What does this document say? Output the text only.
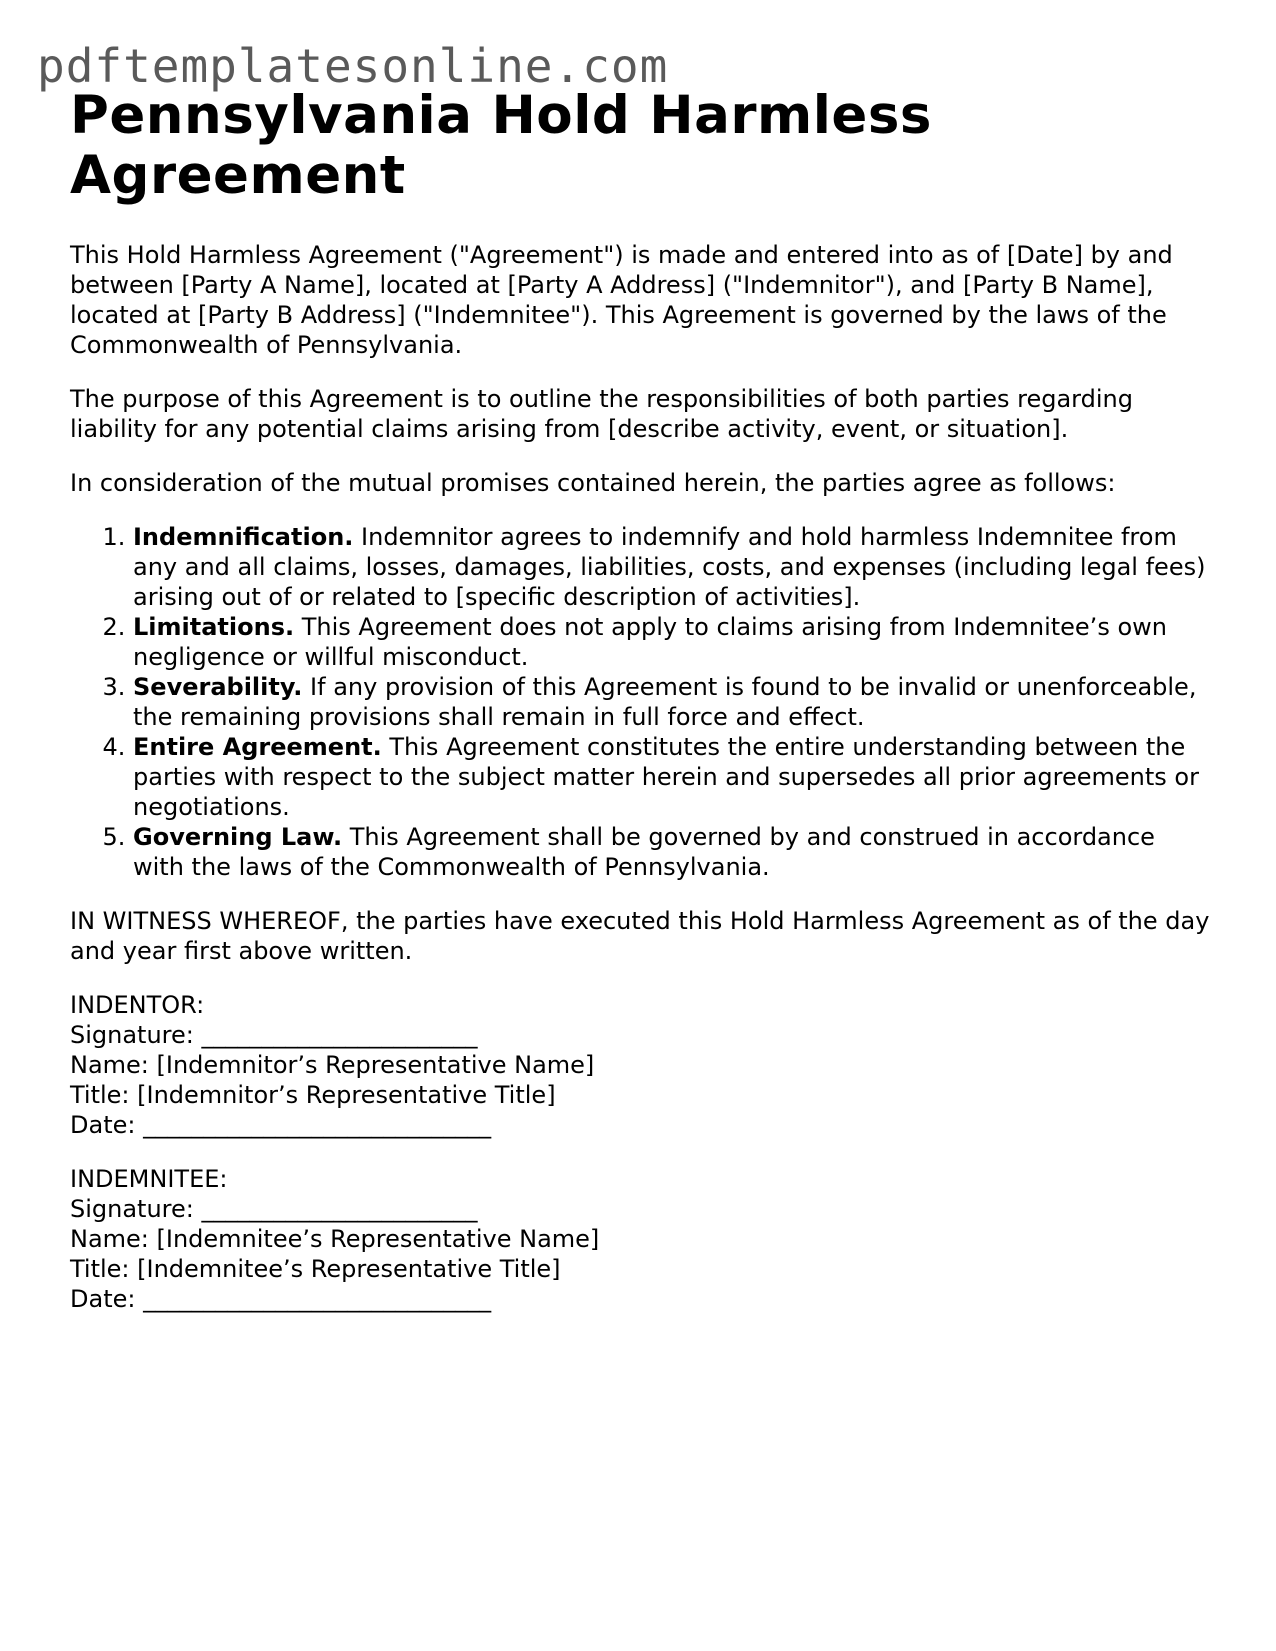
pdftemplatesonline.com
Pennsylvania Hold Harmless Agreement

This Hold Harmless Agreement ("Agreement") is made and entered into as of [Date] by and between [Party A Name], located at [Party A Address] ("Indemnitor"), and [Party B Name], located at [Party B Address] ("Indemnitee"). This Agreement is governed by the laws of the Commonwealth of Pennsylvania.

The purpose of this Agreement is to outline the responsibilities of both parties regarding liability for any potential claims arising from [describe activity, event, or situation].

In consideration of the mutual promises contained herein, the parties agree as follows:

1. Indemnification. Indemnitor agrees to indemnify and hold harmless Indemnitee from any and all claims, losses, damages, liabilities, costs, and expenses (including legal fees) arising out of or related to [specific description of activities].
2. Limitations. This Agreement does not apply to claims arising from Indemnitee’s own negligence or willful misconduct.
3. Severability. If any provision of this Agreement is found to be invalid or unenforceable, the remaining provisions shall remain in full force and effect.
4. Entire Agreement. This Agreement constitutes the entire understanding between the parties with respect to the subject matter herein and supersedes all prior agreements or negotiations.
5. Governing Law. This Agreement shall be governed by and construed in accordance with the laws of the Commonwealth of Pennsylvania.

IN WITNESS WHEREOF, the parties have executed this Hold Harmless Agreement as of the day and year first above written.

INDENTOR:
Signature: _______________________
Name: [Indemnitor’s Representative Name]
Title: [Indemnitor’s Representative Title]
Date: _____________________________
INDEMNITEE:
Signature: _______________________
Name: [Indemnitee’s Representative Name]
Title: [Indemnitee’s Representative Title]
Date: _____________________________
